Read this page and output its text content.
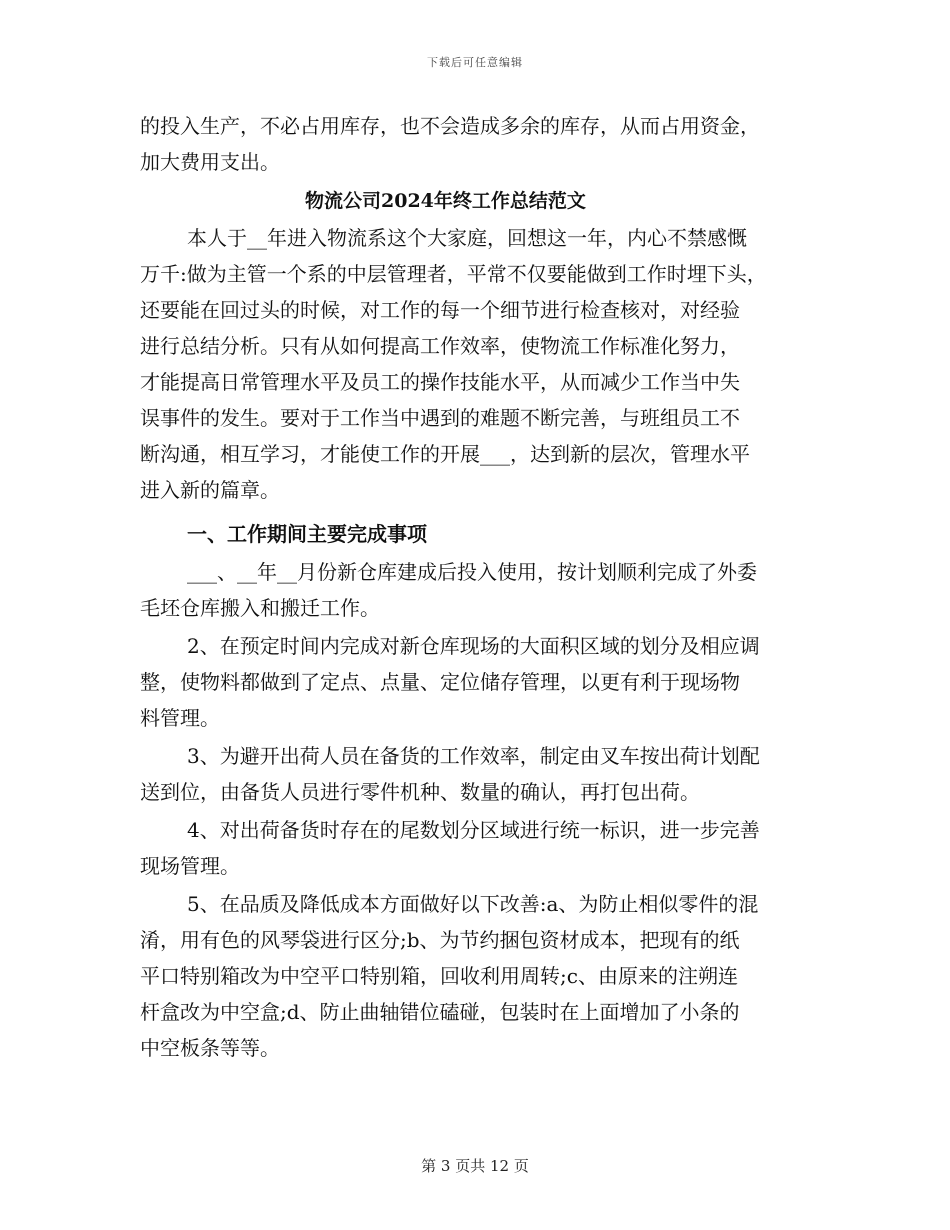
下载后可任意编辑
的投入生产，不必占用库存，也不会造成多余的库存，从而占用资金，
加大费用支出。
物流公司2024年终工作总结范文
本人于__年进入物流系这个大家庭，回想这一年，内心不禁感慨
万千:做为主管一个系的中层管理者，平常不仅要能做到工作时埋下头，
还要能在回过头的时候，对工作的每一个细节进行检查核对，对经验
进行总结分析。只有从如何提高工作效率，使物流工作标准化努力，
才能提高日常管理水平及员工的操作技能水平，从而减少工作当中失
误事件的发生。要对于工作当中遇到的难题不断完善，与班组员工不
断沟通，相互学习，才能使工作的开展___，达到新的层次，管理水平
进入新的篇章。
一、工作期间主要完成事项
___、__年__月份新仓库建成后投入使用，按计划顺利完成了外委
毛坯仓库搬入和搬迁工作。
2、在预定时间内完成对新仓库现场的大面积区域的划分及相应调
整，使物料都做到了定点、点量、定位储存管理，以更有利于现场物
料管理。
3、为避开出荷人员在备货的工作效率，制定由叉车按出荷计划配
送到位，由备货人员进行零件机种、数量的确认，再打包出荷。
4、对出荷备货时存在的尾数划分区域进行统一标识，进一步完善
现场管理。
5、在品质及降低成本方面做好以下改善:a、为防止相似零件的混
淆，用有色的风琴袋进行区分;b、为节约捆包资材成本，把现有的纸
平口特别箱改为中空平口特别箱，回收利用周转;c、由原来的注朔连
杆盒改为中空盒;d、防止曲轴错位磕碰，包装时在上面增加了小条的
中空板条等等。
第 3 页共 12 页
